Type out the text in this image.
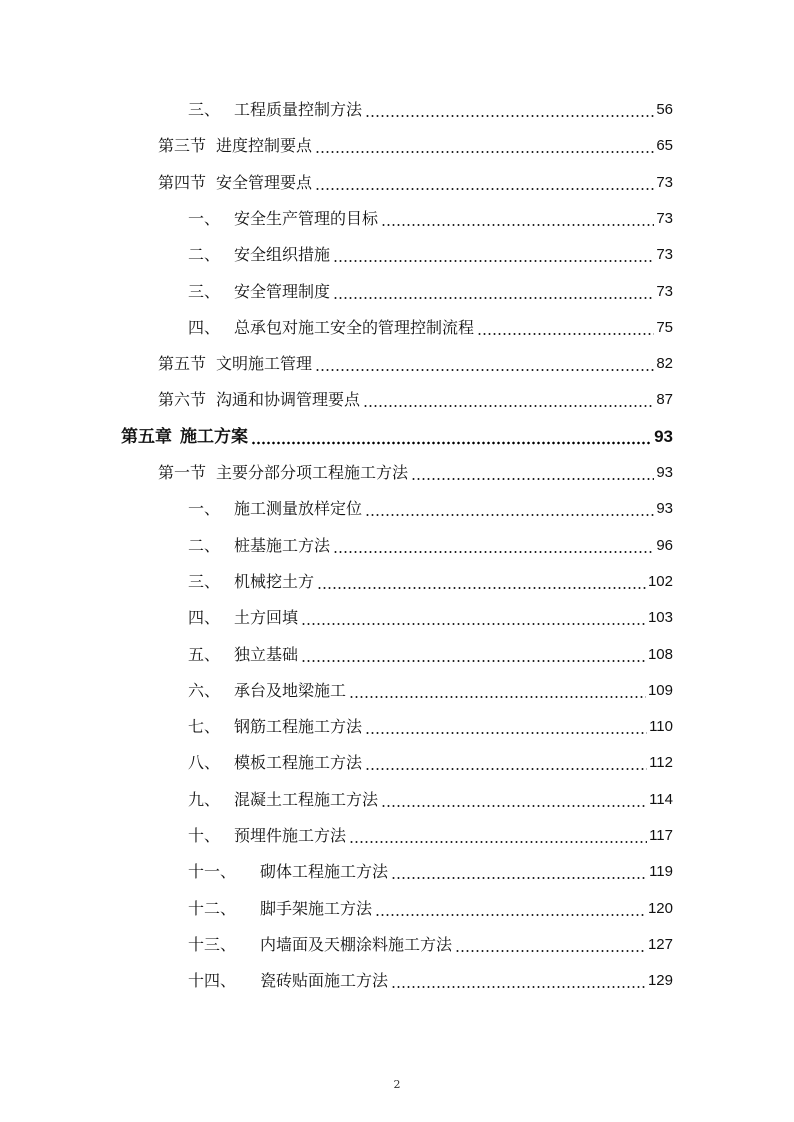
三、 工程质量控制方法	56
第三节 进度控制要点	65
第四节 安全管理要点	73
一、 安全生产管理的目标	73
二、 安全组织措施	73
三、 安全管理制度	73
四、 总承包对施工安全的管理控制流程	75
第五节 文明施工管理	82
第六节 沟通和协调管理要点	87
第五章 施工方案	93
第一节 主要分部分项工程施工方法	93
一、 施工测量放样定位	93
二、 桩基施工方法	96
三、 机械挖土方	102
四、 土方回填	103
五、 独立基础	108
六、 承台及地梁施工	109
七、 钢筋工程施工方法	110
八、 模板工程施工方法	112
九、 混凝土工程施工方法	114
十、 预埋件施工方法	117
十一、 砌体工程施工方法	119
十二、 脚手架施工方法	120
十三、 内墙面及天棚涂料施工方法	127
十四、 瓷砖贴面施工方法	129
2
